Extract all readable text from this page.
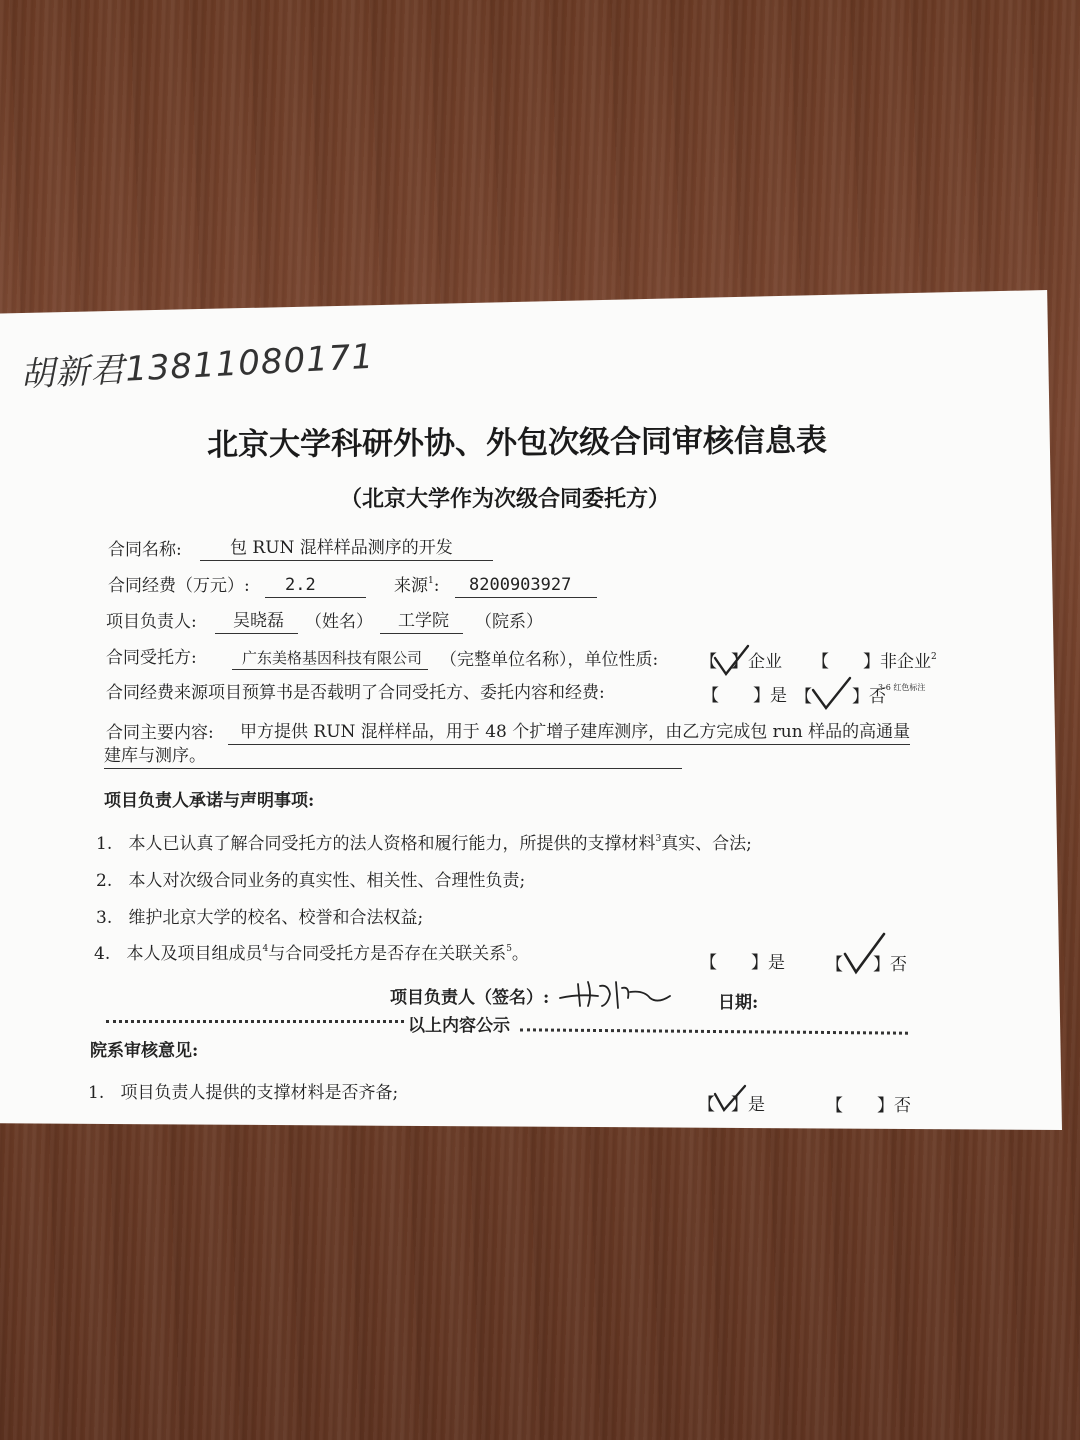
胡新君13811080171
北京大学科研外协、外包次级合同审核信息表
（北京大学作为次级合同委托方）
合同名称:	包 RUN 混样样品测序的开发
合同经费（万元）:	2.2	来源$^1$:	8200903927
项目负责人:	吴晓磊	（姓名）	工学院	（院系）
合同受托方:	广东美格基因科技有限公司	（完整单位名称），单位性质: 【 】企业 【　　】非企业$^2$
合同经费来源项目预算书是否载明了合同受托方、委托内容和经费:	【　　】是 【 】否
3-6 红色标注
合同主要内容:	甲方提供 RUN 混样样品，用于 48 个扩增子建库测序，由乙方完成包 run 样品的高通量
建库与测序。
项目负责人承诺与声明事项:
1. 本人已认真了解合同受托方的法人资格和履行能力，所提供的支撑材料$^3$真实、合法;
2. 本人对次级合同业务的真实性、相关性、合理性负责;
3. 维护北京大学的校名、校誉和合法权益;
4. 本人及项目组成员$^4$与合同受托方是否存在关联关系$^5$。	【　　】是 【 】否
项目负责人（签名）:	日期:
以上内容公示
院系审核意见:
1. 项目负责人提供的支撑材料是否齐备;
【 】是	【　　】否
